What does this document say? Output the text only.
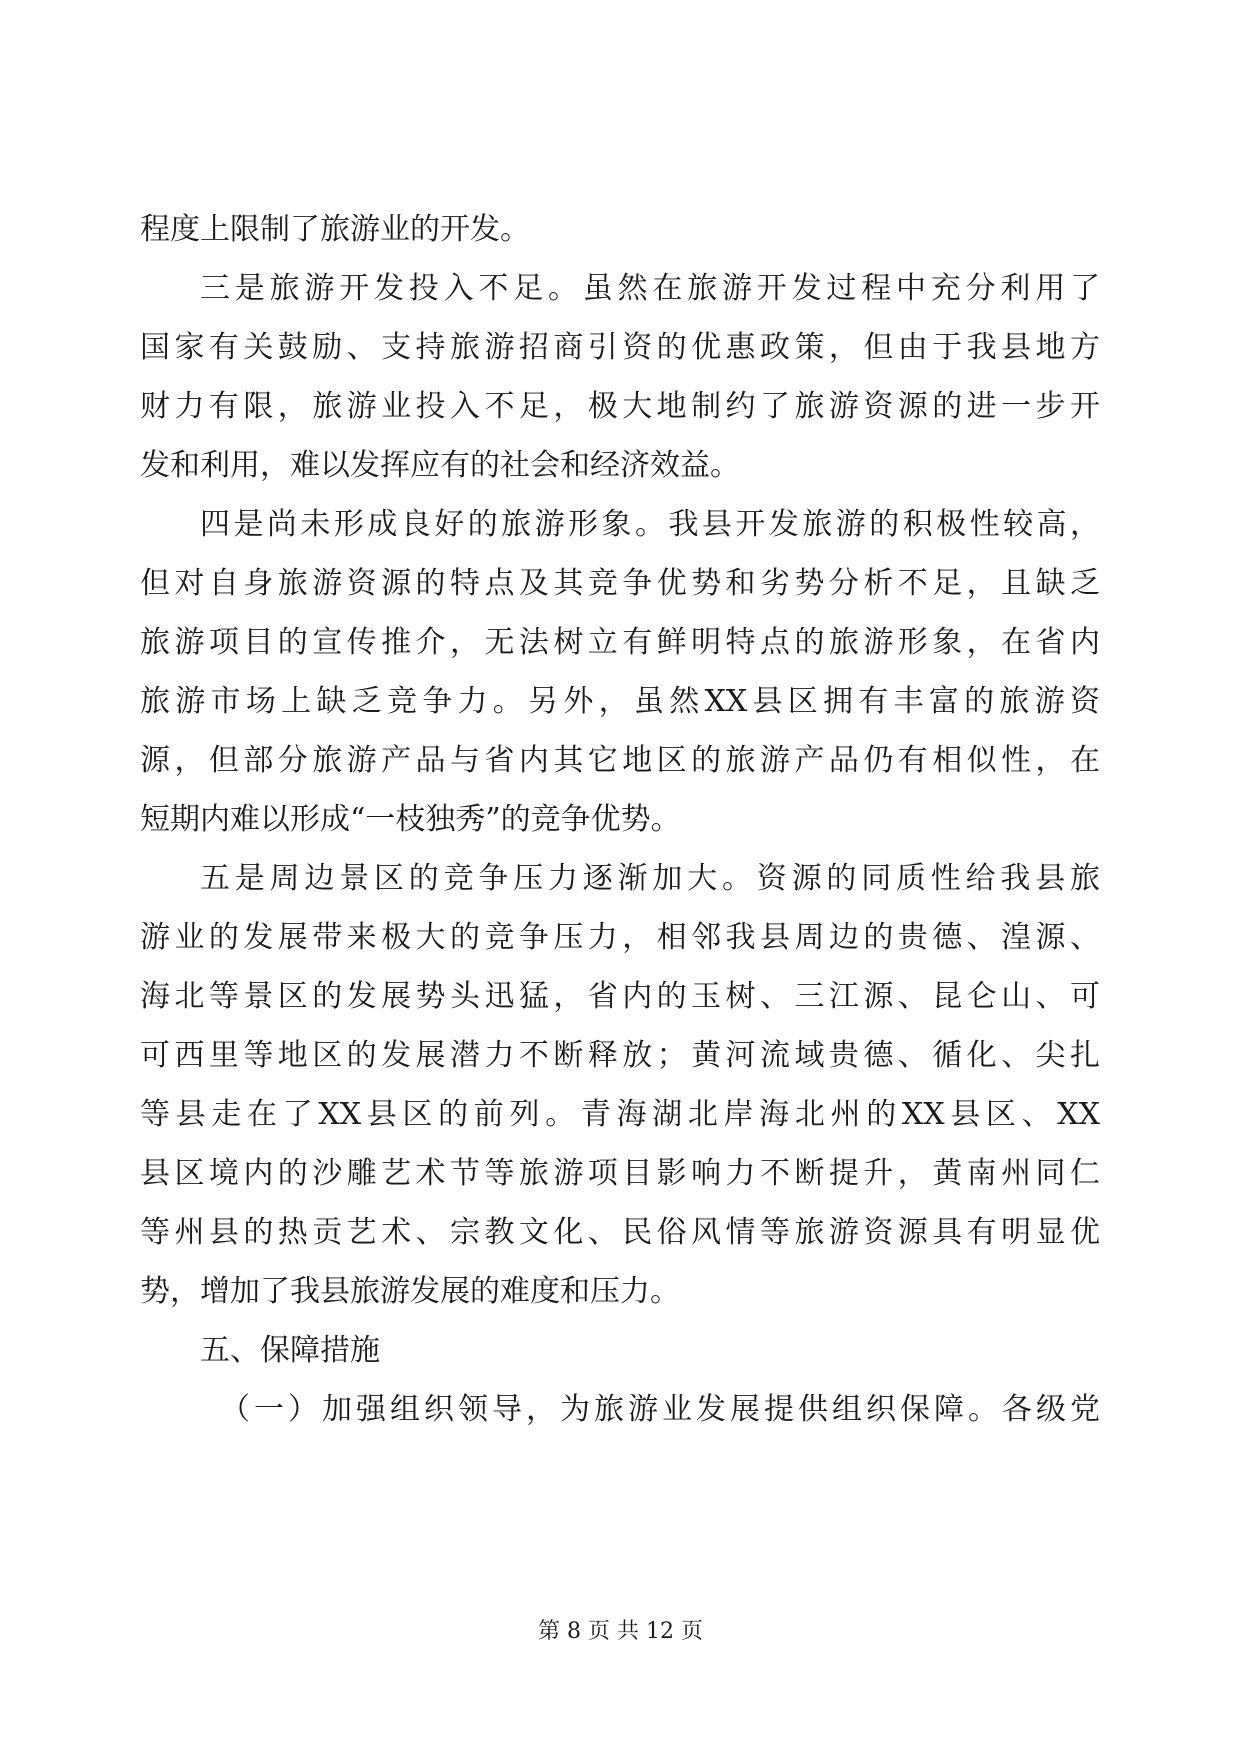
程度上限制了旅游业的开发。
三是旅游开发投入不足。虽然在旅游开发过程中充分利用了
国家有关鼓励、支持旅游招商引资的优惠政策，但由于我县地方
财力有限，旅游业投入不足，极大地制约了旅游资源的进一步开
发和利用，难以发挥应有的社会和经济效益。
四是尚未形成良好的旅游形象。我县开发旅游的积极性较高，
但对自身旅游资源的特点及其竞争优势和劣势分析不足，且缺乏
旅游项目的宣传推介，无法树立有鲜明特点的旅游形象，在省内
旅游市场上缺乏竞争力。另外，虽然XX县区拥有丰富的旅游资
源，但部分旅游产品与省内其它地区的旅游产品仍有相似性，在
短期内难以形成“一枝独秀”的竞争优势。
五是周边景区的竞争压力逐渐加大。资源的同质性给我县旅
游业的发展带来极大的竞争压力，相邻我县周边的贵德、湟源、
海北等景区的发展势头迅猛，省内的玉树、三江源、昆仑山、可
可西里等地区的发展潜力不断释放；黄河流域贵德、循化、尖扎
等县走在了XX县区的前列。青海湖北岸海北州的XX县区、XX
县区境内的沙雕艺术节等旅游项目影响力不断提升，黄南州同仁
等州县的热贡艺术、宗教文化、民俗风情等旅游资源具有明显优
势，增加了我县旅游发展的难度和压力。
五、保障措施
（一）加强组织领导，为旅游业发展提供组织保障。各级党
第 8 页 共 12 页
